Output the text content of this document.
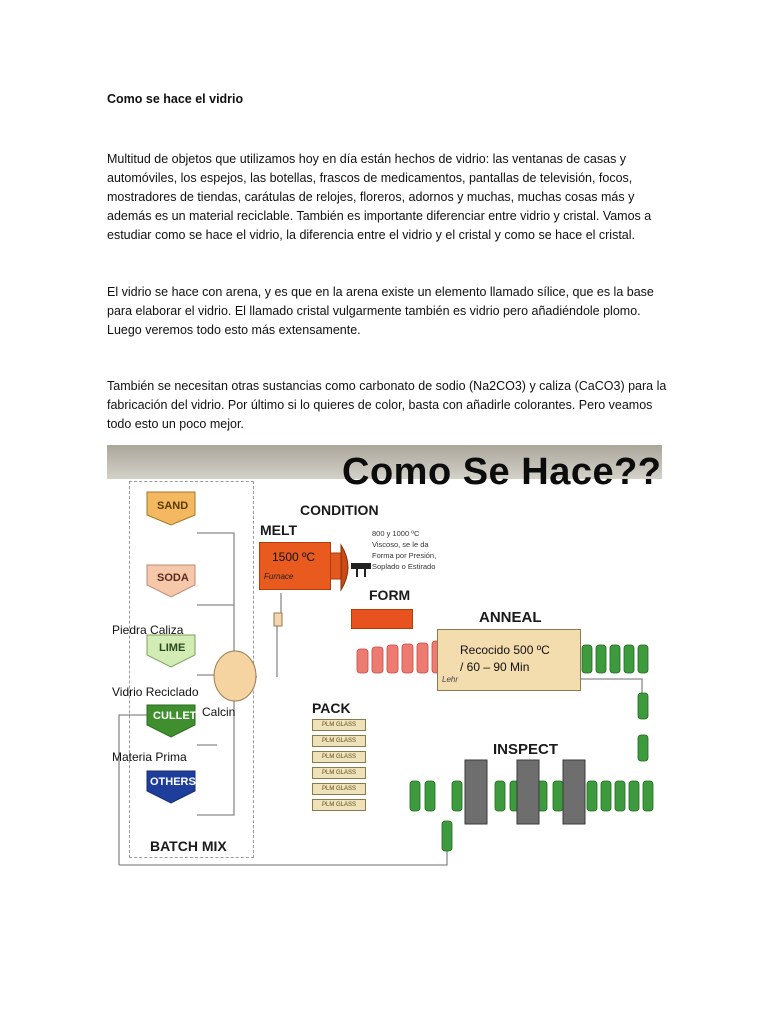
Como se hace el vidrio
Multitud de objetos que utilizamos hoy en día están hechos de vidrio: las ventanas de casas y automóviles, los espejos, las botellas, frascos de medicamentos, pantallas de televisión, focos, mostradores de tiendas, carátulas de relojes, floreros, adornos y muchas, muchas cosas más y además es un material reciclable. También es importante diferenciar entre vidrio y cristal. Vamos a estudiar como se hace el vidrio, la diferencia entre el vidrio y el cristal y como se hace el cristal.
El vidrio se hace con arena, y es que en la arena existe un elemento llamado sílice, que es la base para elaborar el vidrio. El llamado cristal vulgarmente también es vidrio pero añadiéndole plomo. Luego veremos todo esto más extensamente.
También se necesitan otras sustancias como carbonato de sodio (Na2CO3) y caliza (CaCO3) para la fabricación del vidrio. Por último si lo quieres de color, basta con añadirle colorantes. Pero veamos todo esto un poco mejor.
Como Se Hace??
SAND
SODA
LIME
CULLET
OTHERS
CONDITION
MELT
FORM
ANNEAL
PACK
INSPECT
BATCH MIX
1500 ºC
Furnace
800 y 1000 ºC
Viscoso, se le da
Forma por Presión,
Soplado o Estirado
Recocido 500 ºC
/ 60 – 90 Min
Lehr
PLM GLASS
PLM GLASS
PLM GLASS
PLM GLASS
PLM GLASS
PLM GLASS
Piedra Caliza
Vidrio Reciclado
Calcin
Materia Prima
